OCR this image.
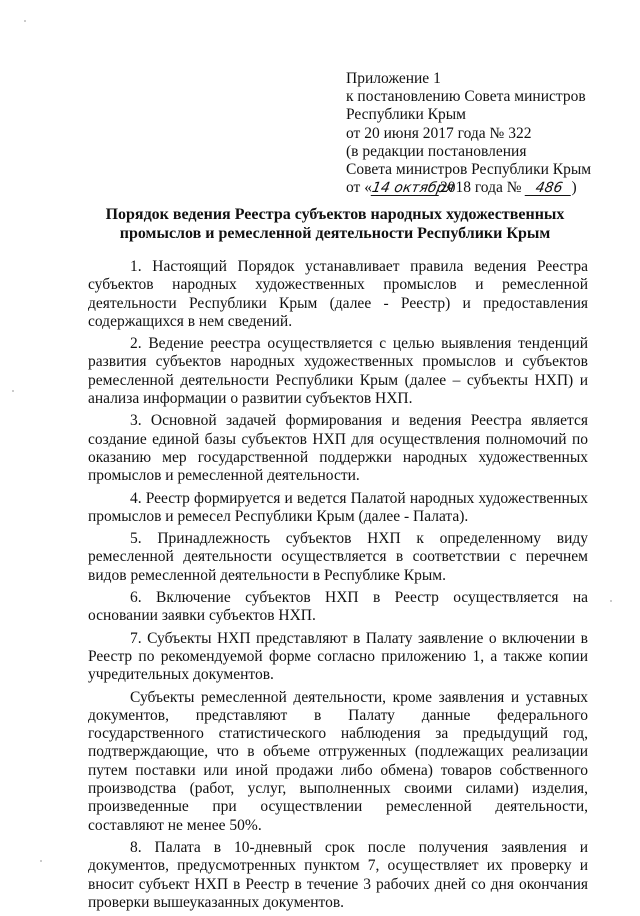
Приложение 1
к постановлению Совета министров
Республики Крым
от 20 июня 2017 года № 322
(в редакции постановления
Совета министров Республики Крым
от «14 октября2018 года № 486 )
Порядок ведения Реестра субъектов народных художественных
промыслов и ремесленной деятельности Республики Крым

1. Настоящий Порядок устанавливает правила ведения Реестра субъектов народных художественных промыслов и ремесленной деятельности Республики Крым (далее - Реестр) и предоставления содержащихся в нем сведений.

2. Ведение реестра осуществляется с целью выявления тенденций развития субъектов народных художественных промыслов и субъектов ремесленной деятельности Республики Крым (далее – субъекты НХП) и анализа информации о развитии субъектов НХП.

3. Основной задачей формирования и ведения Реестра является создание единой базы субъектов НХП для осуществления полномочий по оказанию мер государственной поддержки народных художественных промыслов и ремесленной деятельности.

4. Реестр формируется и ведется Палатой народных художественных промыслов и ремесел Республики Крым (далее - Палата).

5. Принадлежность субъектов НХП к определенному виду ремесленной деятельности осуществляется в соответствии с перечнем видов ремесленной деятельности в Республике Крым.

6. Включение субъектов НХП в Реестр осуществляется на основании заявки субъектов НХП.

7. Субъекты НХП представляют в Палату заявление о включении в Реестр по рекомендуемой форме согласно приложению 1, а также копии учредительных документов.

Субъекты ремесленной деятельности, кроме заявления и уставных документов, представляют в Палату данные федерального государственного статистического наблюдения за предыдущий год, подтверждающие, что в объеме отгруженных (подлежащих реализации путем поставки или иной продажи либо обмена) товаров собственного производства (работ, услуг, выполненных своими силами) изделия, произведенные при осуществлении ремесленной деятельности, составляют не менее 50%.

8. Палата в 10-дневный срок после получения заявления и документов, предусмотренных пунктом 7, осуществляет их проверку и вносит субъект НХП в Реестр в течение 3 рабочих дней со дня окончания проверки вышеуказанных документов.
